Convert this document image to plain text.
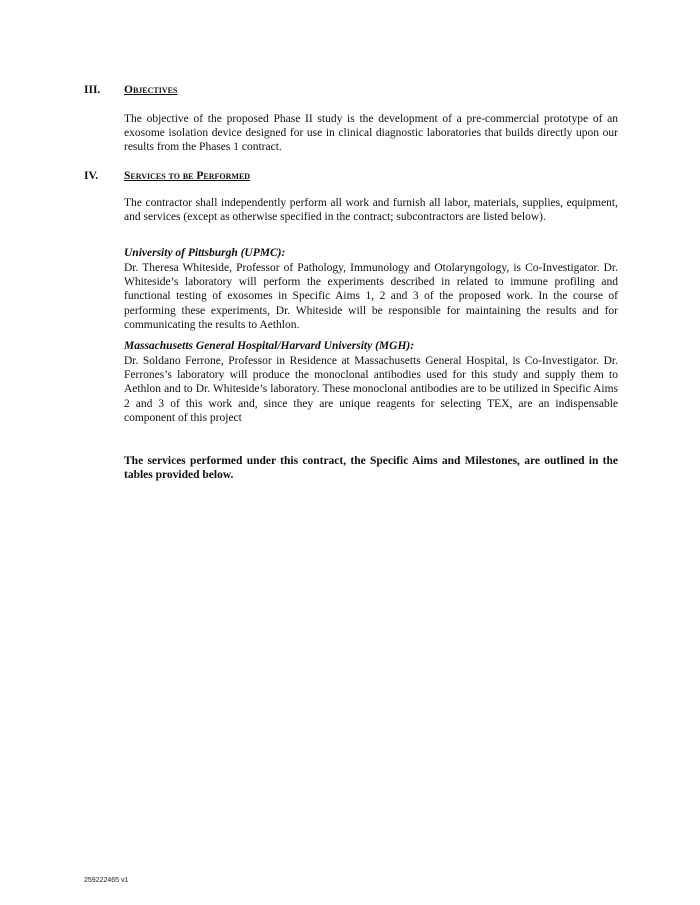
III. Objectives

The objective of the proposed Phase II study is the development of a pre-commercial prototype of an exosome isolation device designed for use in clinical diagnostic laboratories that builds directly upon our results from the Phases 1 contract.

IV. Services to be Performed

The contractor shall independently perform all work and furnish all labor, materials, supplies, equipment, and services (except as otherwise specified in the contract; subcontractors are listed below).

University of Pittsburgh (UPMC):

Dr. Theresa Whiteside, Professor of Pathology, Immunology and Otolaryngology, is Co-Investigator. Dr. Whiteside’s laboratory will perform the experiments described in related to immune profiling and functional testing of exosomes in Specific Aims 1, 2 and 3 of the proposed work. In the course of performing these experiments, Dr. Whiteside will be responsible for maintaining the results and for communicating the results to Aethlon.

Massachusetts General Hospital/Harvard University (MGH):

Dr. Soldano Ferrone, Professor in Residence at Massachusetts General Hospital, is Co-Investigator. Dr. Ferrones’s laboratory will produce the monoclonal antibodies used for this study and supply them to Aethlon and to Dr. Whiteside’s laboratory. These monoclonal antibodies are to be utilized in Specific Aims 2 and 3 of this work and, since they are unique reagents for selecting TEX, are an indispensable component of this project

The services performed under this contract, the Specific Aims and Milestones, are outlined in the tables provided below.

259222465 v1
